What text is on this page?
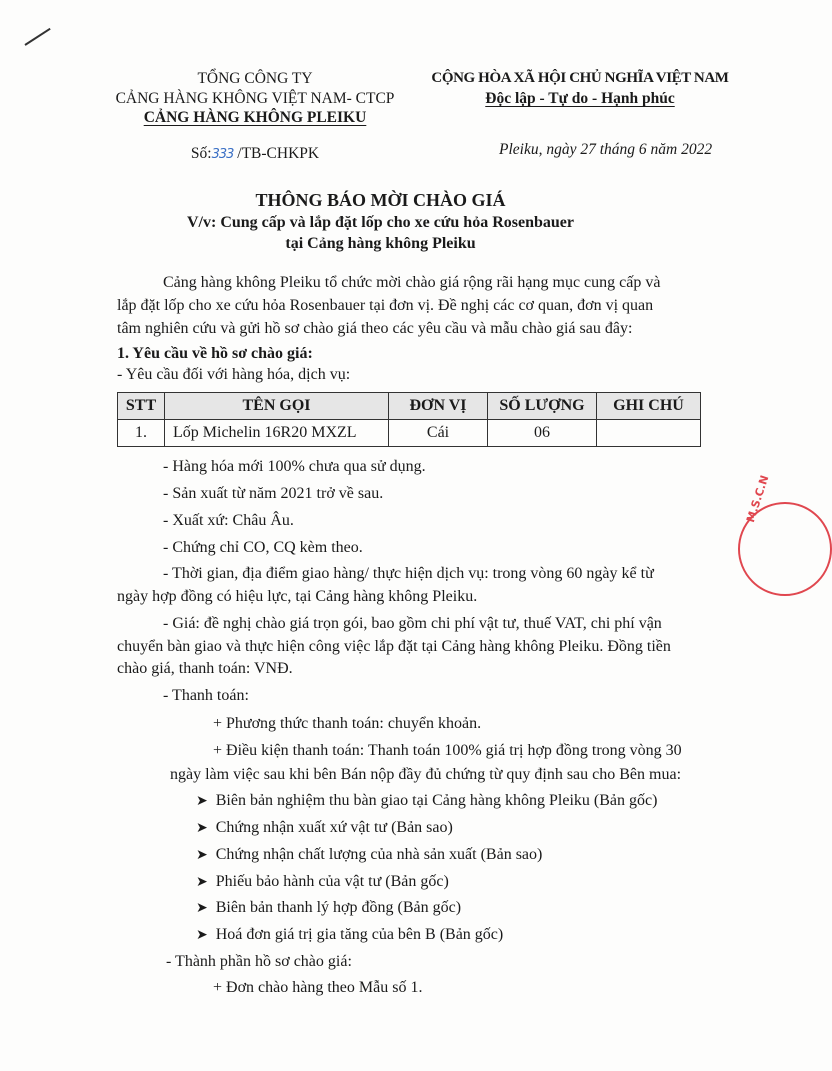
TỔNG CÔNG TY
CẢNG HÀNG KHÔNG VIỆT NAM- CTCP
CẢNG HÀNG KHÔNG PLEIKU
Số:333 /TB-CHKPK
CỘNG HÒA XÃ HỘI CHỦ NGHĨA VIỆT NAM
Độc lập - Tự do - Hạnh phúc
Pleiku, ngày 27 tháng 6 năm 2022
THÔNG BÁO MỜI CHÀO GIÁ
V/v: Cung cấp và lắp đặt lốp cho xe cứu hỏa Rosenbauer
tại Cảng hàng không Pleiku
Cảng hàng không Pleiku tổ chức mời chào giá rộng rãi hạng mục cung cấp và
lắp đặt lốp cho xe cứu hỏa Rosenbauer tại đơn vị. Đề nghị các cơ quan, đơn vị quan
tâm nghiên cứu và gửi hồ sơ chào giá theo các yêu cầu và mẫu chào giá sau đây:
1. Yêu cầu về hồ sơ chào giá:
- Yêu cầu đối với hàng hóa, dịch vụ:
STT	TÊN GỌI	ĐƠN VỊ	SỐ LƯỢNG	GHI CHÚ
1.	Lốp Michelin 16R20 MXZL	Cái	06	
- Hàng hóa mới 100% chưa qua sử dụng.
- Sản xuất từ năm 2021 trở về sau.
- Xuất xứ: Châu Âu.
- Chứng chỉ CO, CQ kèm theo.
- Thời gian, địa điểm giao hàng/ thực hiện dịch vụ: trong vòng 60 ngày kể từ
ngày hợp đồng có hiệu lực, tại Cảng hàng không Pleiku.
- Giá: đề nghị chào giá trọn gói, bao gồm chi phí vật tư, thuế VAT, chi phí vận
chuyển bàn giao và thực hiện công việc lắp đặt tại Cảng hàng không Pleiku. Đồng tiền
chào giá, thanh toán: VNĐ.
- Thanh toán:
+ Phương thức thanh toán: chuyển khoản.
+ Điều kiện thanh toán: Thanh toán 100% giá trị hợp đồng trong vòng 30
ngày làm việc sau khi bên Bán nộp đầy đủ chứng từ quy định sau cho Bên mua:
➤ Biên bản nghiệm thu bàn giao tại Cảng hàng không Pleiku (Bản gốc)
➤ Chứng nhận xuất xứ vật tư (Bản sao)
➤ Chứng nhận chất lượng của nhà sản xuất (Bản sao)
➤ Phiếu bảo hành của vật tư (Bản gốc)
➤ Biên bản thanh lý hợp đồng (Bản gốc)
➤ Hoá đơn giá trị gia tăng của bên B (Bản gốc)
- Thành phần hồ sơ chào giá:
+ Đơn chào hàng theo Mẫu số 1.
M.S.C.N
